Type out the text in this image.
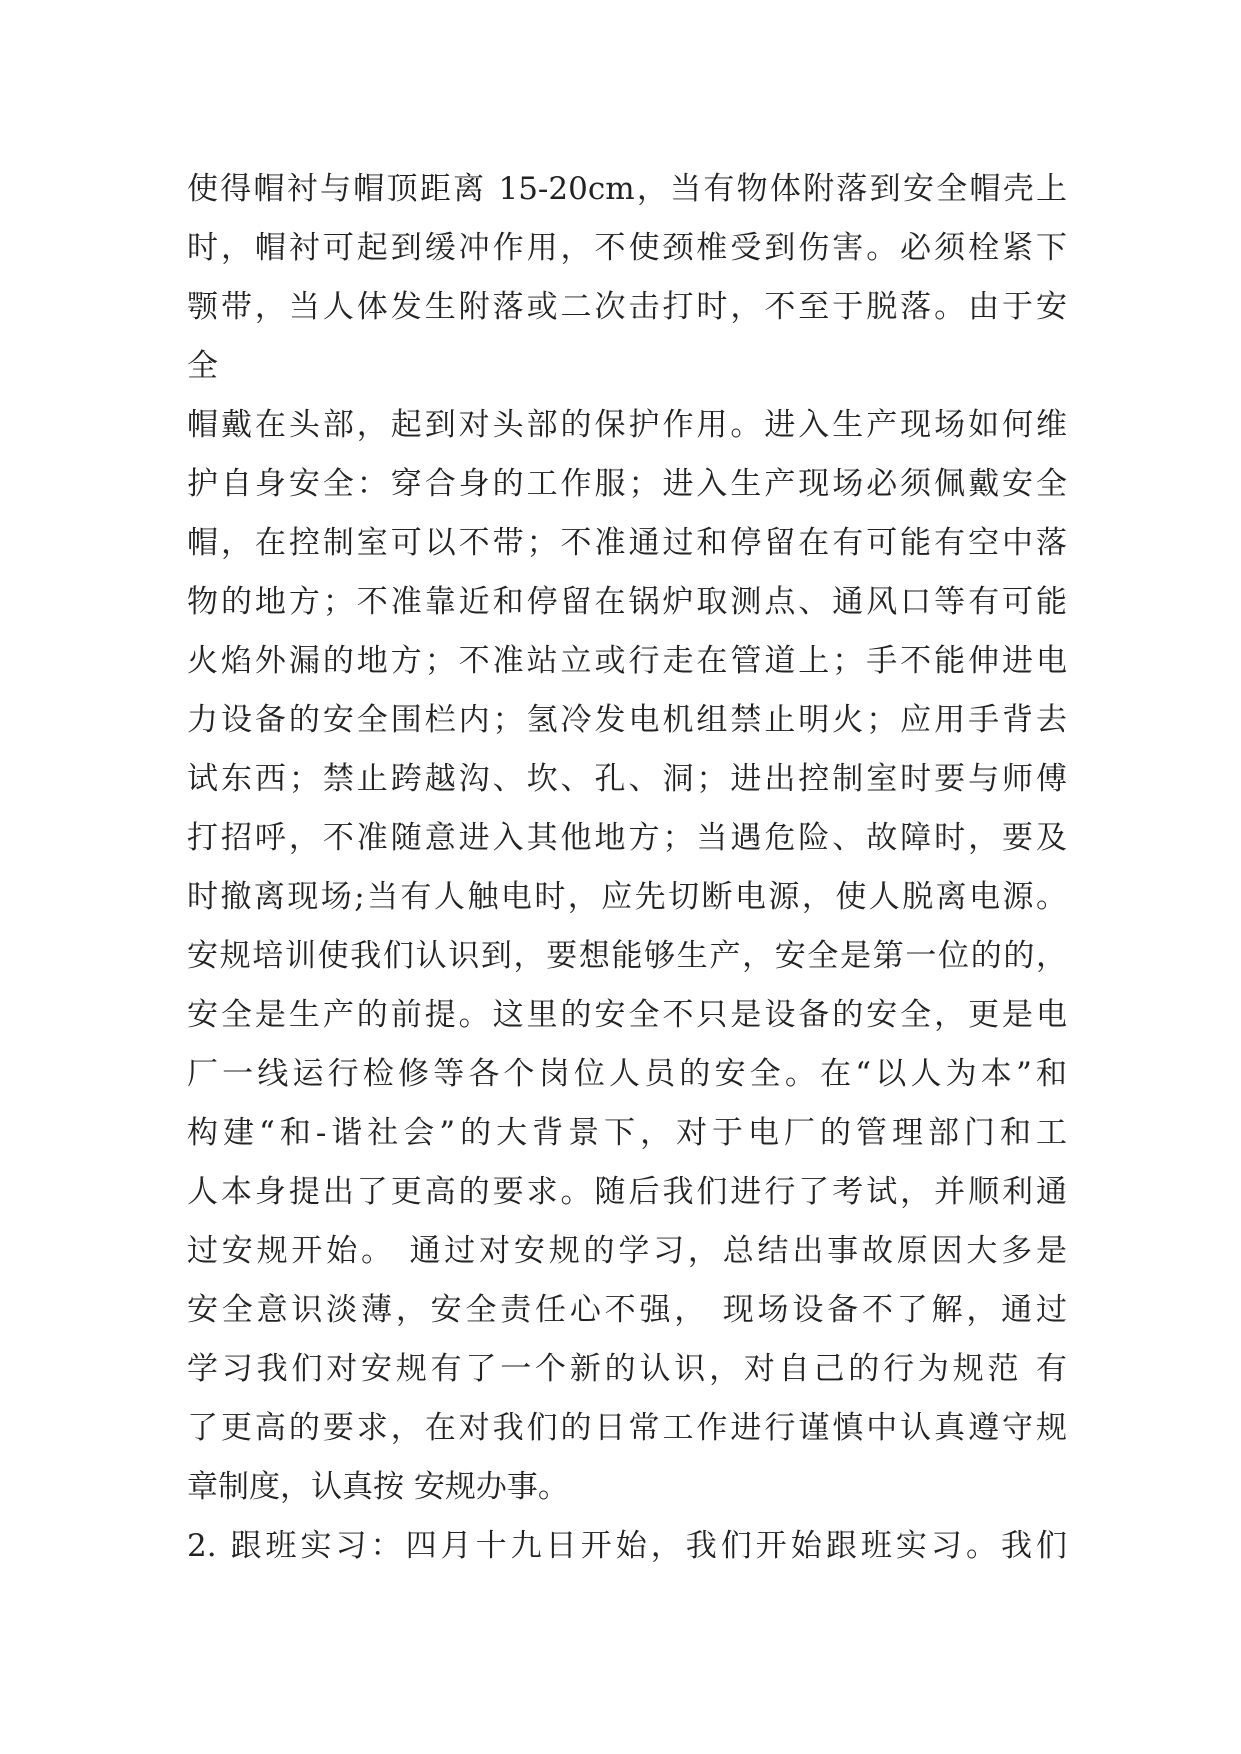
使得帽衬与帽顶距离 15-20cm，当有物体附落到安全帽壳上
时，帽衬可起到缓冲作用，不使颈椎受到伤害。必须栓紧下
颚带，当人体发生附落或二次击打时，不至于脱落。由于安
全
帽戴在头部，起到对头部的保护作用。进入生产现场如何维
护自身安全：穿合身的工作服；进入生产现场必须佩戴安全
帽，在控制室可以不带；不准通过和停留在有可能有空中落
物的地方；不准靠近和停留在锅炉取测点、通风口等有可能
火焰外漏的地方；不准站立或行走在管道上；手不能伸进电
力设备的安全围栏内；氢冷发电机组禁止明火；应用手背去
试东西；禁止跨越沟、坎、孔、洞；进出控制室时要与师傅
打招呼，不准随意进入其他地方；当遇危险、故障时，要及
时撤离现场;当有人触电时，应先切断电源，使人脱离电源。
安规培训使我们认识到，要想能够生产，安全是第一位的的，
安全是生产的前提。这里的安全不只是设备的安全，更是电
厂一线运行检修等各个岗位人员的安全。在“以人为本”和
构建“和-谐社会”的大背景下，对于电厂的管理部门和工
人本身提出了更高的要求。随后我们进行了考试，并顺利通
过安规开始。 通过对安规的学习，总结出事故原因大多是
安全意识淡薄，安全责任心不强， 现场设备不了解，通过
学习我们对安规有了一个新的认识，对自己的行为规范 有
了更高的要求，在对我们的日常工作进行谨慎中认真遵守规
章制度，认真按 安规办事。
2. 跟班实习：四月十九日开始，我们开始跟班实习。我们
